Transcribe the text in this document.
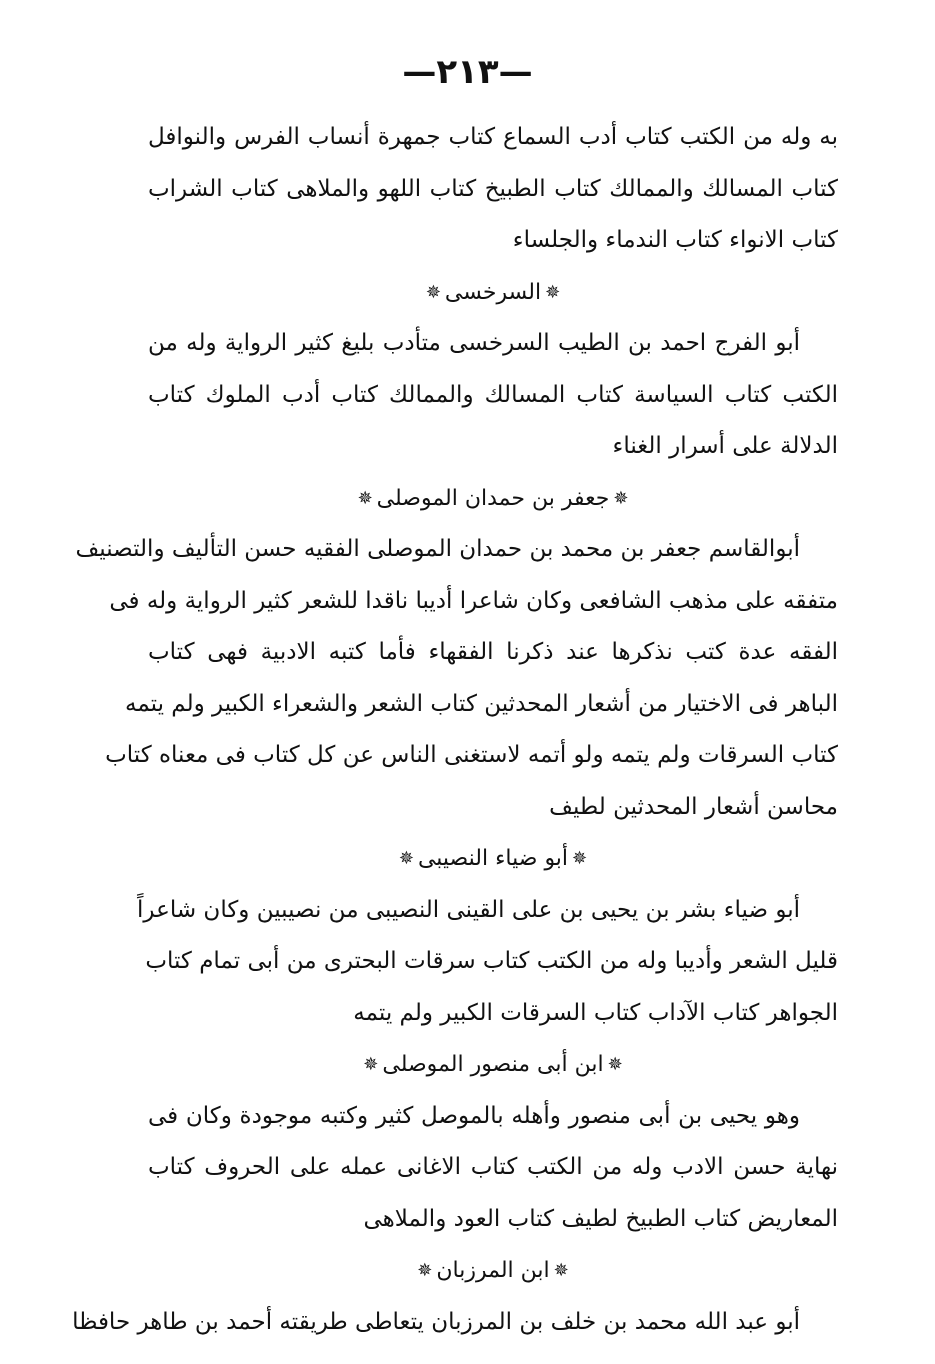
—٢١٣—
به وله من الكتب كتاب أدب السماع كتاب جمهرة أنساب الفرس والنوافل
كتاب المسالك والممالك كتاب الطبيخ كتاب اللهو والملاهى كتاب الشراب
كتاب الانواء كتاب الندماء والجلساء
✵السرخسى✵
أبو الفرج احمد بن الطيب السرخسى متأدب بليغ كثير الرواية وله من
الكتب كتاب السياسة كتاب المسالك والممالك كتاب أدب الملوك كتاب
الدلالة على أسرار الغناء
✵جعفر بن حمدان الموصلى✵
أبوالقاسم جعفر بن محمد بن حمدان الموصلى الفقيه حسن التأليف والتصنيف
متفقه على مذهب الشافعى وكان شاعرا أديبا ناقدا للشعر كثير الرواية وله فى
الفقه عدة كتب نذكرها عند ذكرنا الفقهاء فأما كتبه الادبية فهى كتاب
الباهر فى الاختيار من أشعار المحدثين كتاب الشعر والشعراء الكبير ولم يتمه
كتاب السرقات ولم يتمه ولو أتمه لاستغنى الناس عن كل كتاب فى معناه كتاب
محاسن أشعار المحدثين لطيف
✵أبو ضياء النصيبى✵
أبو ضياء بشر بن يحيى بن على القينى النصيبى من نصيبين وكان شاعراً
قليل الشعر وأديبا وله من الكتب كتاب سرقات البحترى من أبى تمام كتاب
الجواهر كتاب الآداب كتاب السرقات الكبير ولم يتمه
✵ابن أبى منصور الموصلى✵
وهو يحيى بن أبى منصور وأهله بالموصل كثير وكتبه موجودة وكان فى
نهاية حسن الادب وله من الكتب كتاب الاغانى عمله على الحروف كتاب
المعاريض كتاب الطبيخ لطيف كتاب العود والملاهى
✵ابن المرزبان✵
أبو عبد الله محمد بن خلف بن المرزبان يتعاطى طريقته أحمد بن طاهر حافظا
